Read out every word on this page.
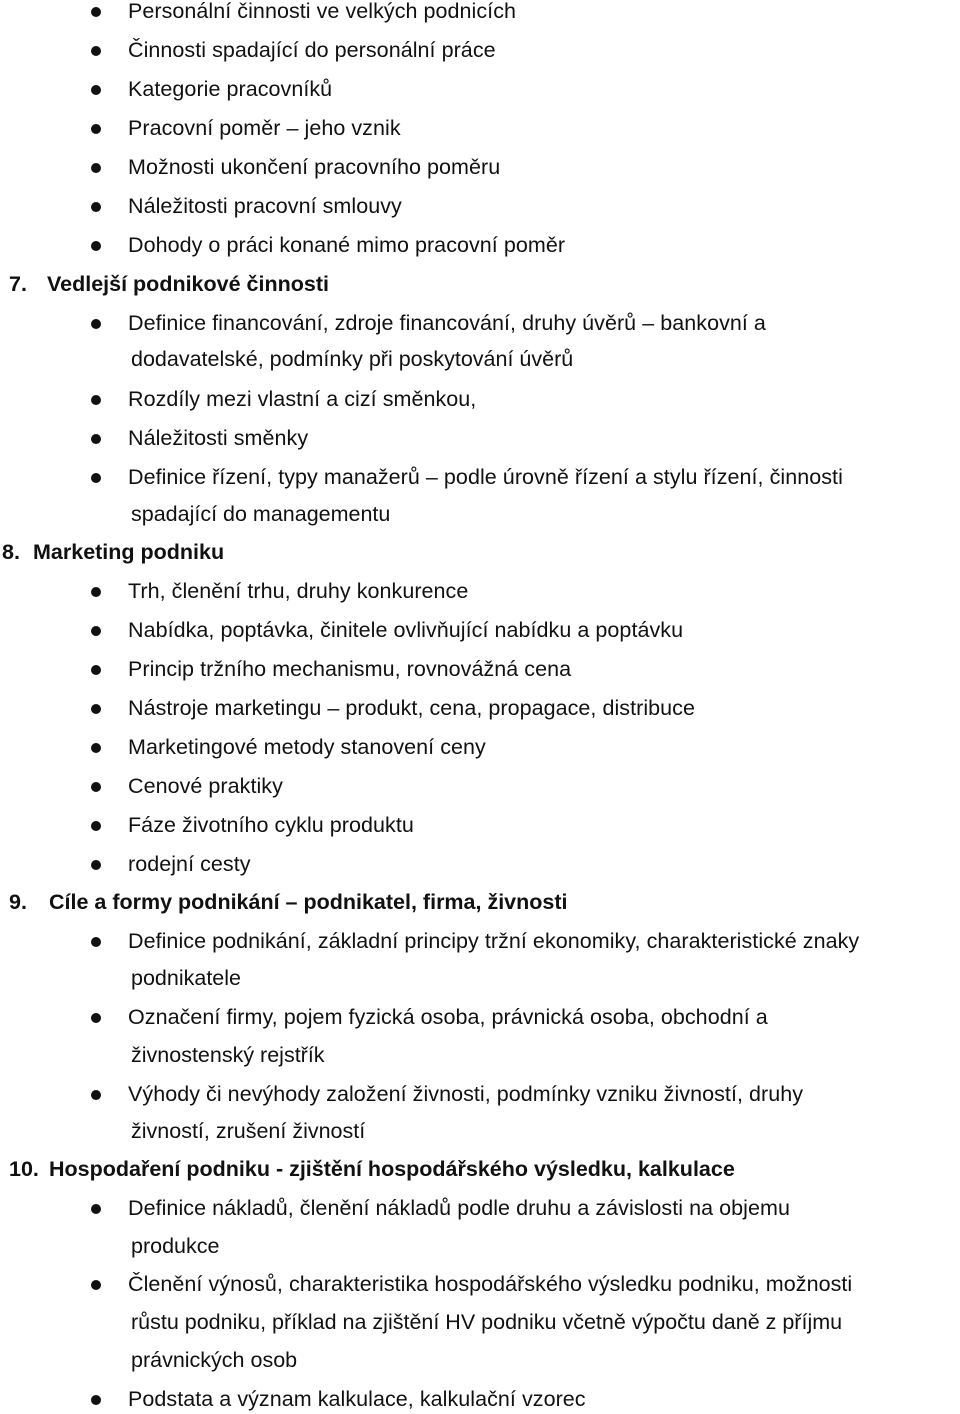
Personální činnosti ve velkých podnicích
Činnosti spadající do personální práce
Kategorie pracovníků
Pracovní poměr – jeho vznik
Možnosti ukončení pracovního poměru
Náležitosti pracovní smlouvy
Dohody o práci konané mimo pracovní poměr
7. Vedlejší podnikové činnosti
Definice financování, zdroje financování, druhy úvěrů – bankovní a
dodavatelské, podmínky při poskytování úvěrů
Rozdíly mezi vlastní a cizí směnkou,
Náležitosti směnky
Definice řízení, typy manažerů – podle úrovně řízení a stylu řízení, činnosti
spadající do managementu
8. Marketing podniku
Trh, členění trhu, druhy konkurence
Nabídka, poptávka, činitele ovlivňující nabídku a poptávku
Princip tržního mechanismu, rovnovážná cena
Nástroje marketingu – produkt, cena, propagace, distribuce
Marketingové metody stanovení ceny
Cenové praktiky
Fáze životního cyklu produktu
rodejní cesty
9. Cíle a formy podnikání – podnikatel, firma, živnosti
Definice podnikání, základní principy tržní ekonomiky, charakteristické znaky
podnikatele
Označení firmy, pojem fyzická osoba, právnická osoba, obchodní a
živnostenský rejstřík
Výhody či nevýhody založení živnosti, podmínky vzniku živností, druhy
živností, zrušení živností
10. Hospodaření podniku - zjištění hospodářského výsledku, kalkulace
Definice nákladů, členění nákladů podle druhu a závislosti na objemu
produkce
Členění výnosů, charakteristika hospodářského výsledku podniku, možnosti
růstu podniku, příklad na zjištění HV podniku včetně výpočtu daně z příjmu
právnických osob
Podstata a význam kalkulace, kalkulační vzorec
